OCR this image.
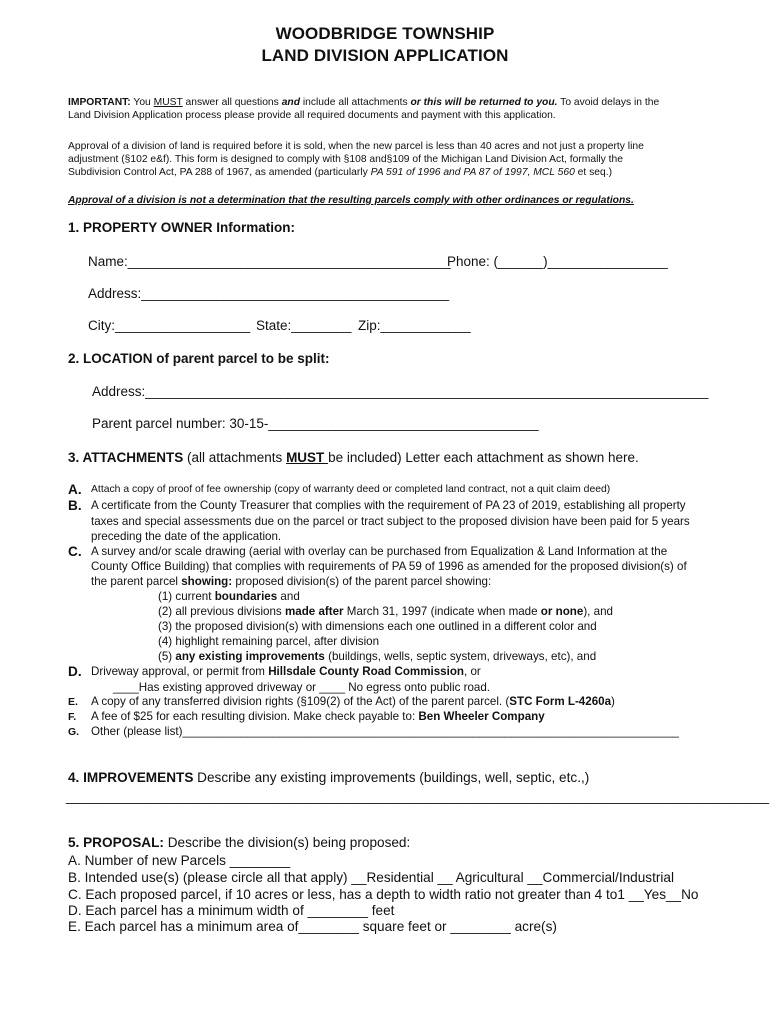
WOODBRIDGE TOWNSHIP
LAND DIVISION APPLICATION
IMPORTANT: You MUST answer all questions and include all attachments or this will be returned to you. To avoid delays in the
Land Division Application process please provide all required documents and payment with this application.
Approval of a division of land is required before it is sold, when the new parcel is less than 40 acres and not just a property line
adjustment (§102 e&f). This form is designed to comply with §108 and§109 of the Michigan Land Division Act, formally the
Subdivision Control Act, PA 288 of 1967, as amended (particularly PA 591 of 1996 and PA 87 of 1997, MCL 560 et seq.)
Approval of a division is not a determination that the resulting parcels comply with other ordinances or regulations.
1. PROPERTY OWNER Information:
Name:___________________________________________
Phone: (______)________________
Address:_________________________________________
City:__________________ State:________ Zip:____________
2. LOCATION of parent parcel to be split:
Address:___________________________________________________________________________
Parent parcel number: 30-15-____________________________________
3. ATTACHMENTS (all attachments MUST be included) Letter each attachment as shown here.
A. Attach a copy of proof of fee ownership (copy of warranty deed or completed land contract, not a quit claim deed)
B. A certificate from the County Treasurer that complies with the requirement of PA 23 of 2019, establishing all property
taxes and special assessments due on the parcel or tract subject to the proposed division have been paid for 5 years
preceding the date of the application.
C. A survey and/or scale drawing (aerial with overlay can be purchased from Equalization & Land Information at the
County Office Building) that complies with requirements of PA 59 of 1996 as amended for the proposed division(s) of
the parent parcel showing: proposed division(s) of the parent parcel showing:
(1) current boundaries and
(2) all previous divisions made after March 31, 1997 (indicate when made or none), and
(3) the proposed division(s) with dimensions each one outlined in a different color and
(4) highlight remaining parcel, after division
(5) any existing improvements (buildings, wells, septic system, driveways, etc), and
D. Driveway approval, or permit from Hillsdale County Road Commission, or
____Has existing approved driveway or ____ No egress onto public road.
E. A copy of any transferred division rights (§109(2) of the Act) of the parent parcel. (STC Form L-4260a)
F. A fee of $25 for each resulting division. Make check payable to: Ben Wheeler Company
G. Other (please list)_____________________________________________________________________________
4. IMPROVEMENTS Describe any existing improvements (buildings, well, septic, etc.,)
_____________________________________________________________________________________________
5. PROPOSAL: Describe the division(s) being proposed:
A. Number of new Parcels ________
B. Intended use(s) (please circle all that apply) __Residential __ Agricultural __Commercial/Industrial
C. Each proposed parcel, if 10 acres or less, has a depth to width ratio not greater than 4 to1 __Yes__No
D. Each parcel has a minimum width of ________ feet
E. Each parcel has a minimum area of________ square feet or ________ acre(s)
